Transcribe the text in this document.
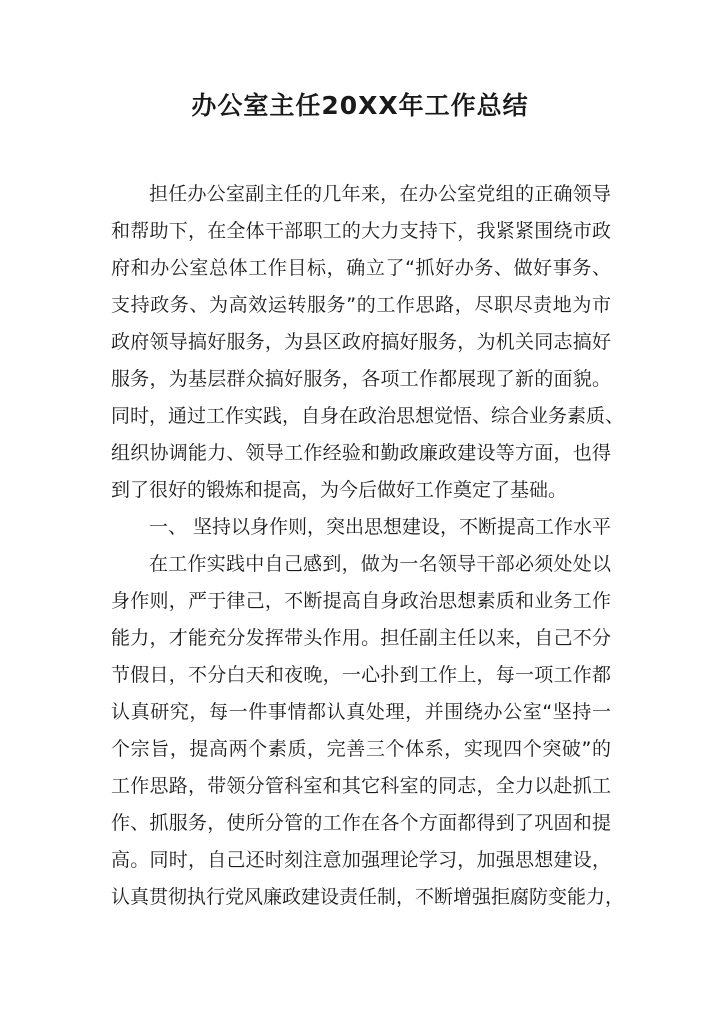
办公室主任20XX年工作总结

担任办公室副主任的几年来，在办公室党组的正确领导

和帮助下，在全体干部职工的大力支持下，我紧紧围绕市政

府和办公室总体工作目标，确立了“抓好办务、做好事务、

支持政务、为高效运转服务”的工作思路，尽职尽责地为市

政府领导搞好服务，为县区政府搞好服务，为机关同志搞好

服务，为基层群众搞好服务，各项工作都展现了新的面貌。

同时，通过工作实践，自身在政治思想觉悟、综合业务素质、

组织协调能力、领导工作经验和勤政廉政建设等方面，也得

到了很好的锻炼和提高，为今后做好工作奠定了基础。

一、 坚持以身作则，突出思想建设，不断提高工作水平

在工作实践中自己感到，做为一名领导干部必须处处以

身作则，严于律己，不断提高自身政治思想素质和业务工作

能力，才能充分发挥带头作用。担任副主任以来，自己不分

节假日，不分白天和夜晚，一心扑到工作上，每一项工作都

认真研究，每一件事情都认真处理，并围绕办公室“坚持一

个宗旨，提高两个素质，完善三个体系，实现四个突破”的

工作思路，带领分管科室和其它科室的同志，全力以赴抓工

作、抓服务，使所分管的工作在各个方面都得到了巩固和提

高。同时，自己还时刻注意加强理论学习，加强思想建设，

认真贯彻执行党风廉政建设责任制，不断增强拒腐防变能力，
